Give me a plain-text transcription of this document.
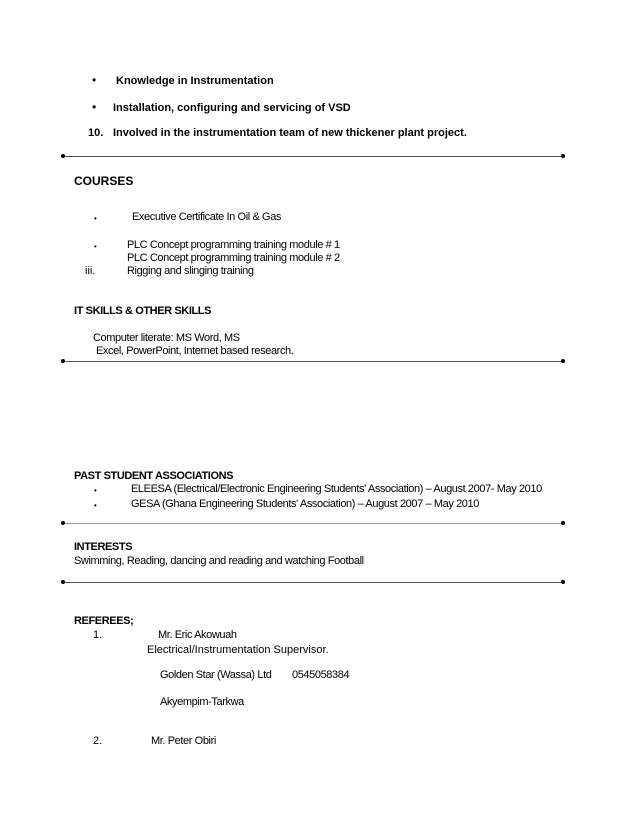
• Knowledge in Instrumentation
• Installation, configuring and servicing of VSD
10. Involved in the instrumentation team of new thickener plant project.
COURSES
•	Executive Certificate In Oil & Gas
•	PLC Concept programming training module # 1
PLC Concept programming training module # 2
iii.	Rigging and slinging training
IT SKILLS & OTHER SKILLS
Computer literate: MS Word, MS
Excel, PowerPoint, Internet based research.
PAST STUDENT ASSOCIATIONS
•	ELEESA (Electrical/Electronic Engineering Students' Association) – August 2007- May 2010
•	GESA (Ghana Engineering Students' Association) – August 2007 – May 2010
INTERESTS
Swimming, Reading, dancing and reading and watching Football
REFEREES;
1.	Mr. Eric Akowuah
Electrical/Instrumentation Supervisor.
Golden Star (Wassa) Ltd 0545058384
Akyempim-Tarkwa
2.	Mr. Peter Obiri
